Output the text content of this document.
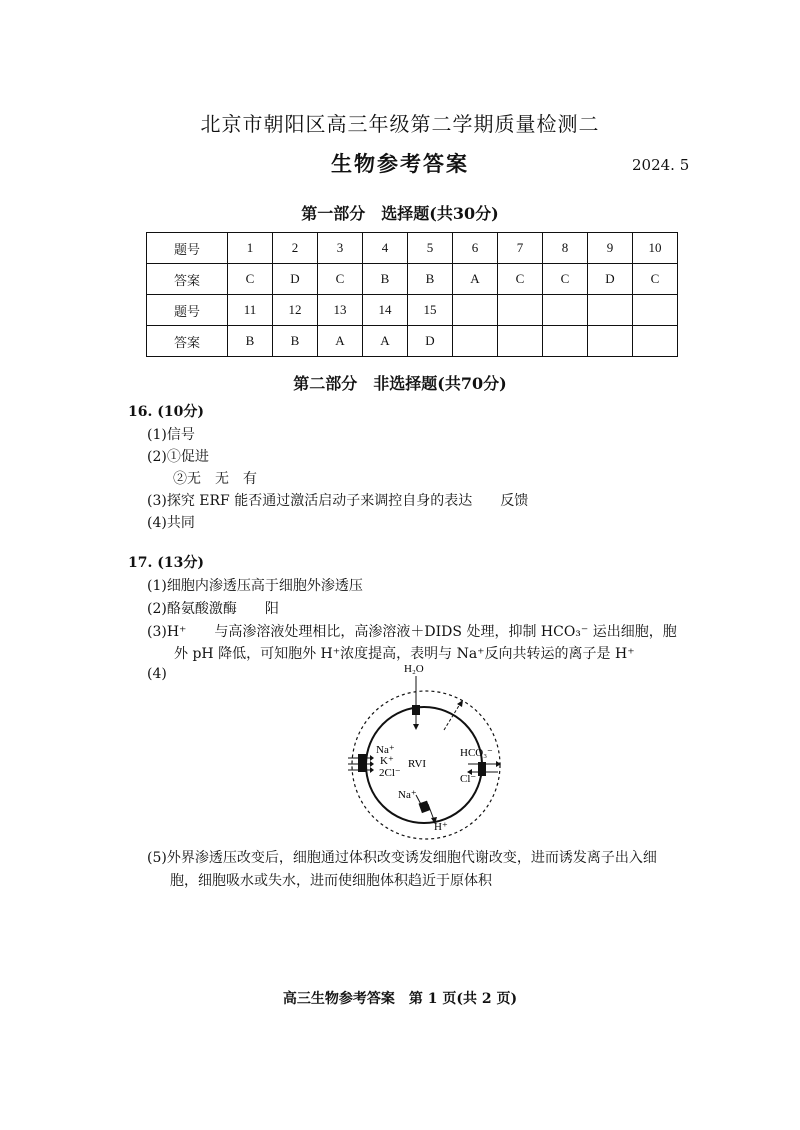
北京市朝阳区高三年级第二学期质量检测二
生物参考答案	2024. 5
第一部分　选择题(共30分)
题号	1	2	3	4	5	6	7	8	9	10
答案	C	D	C	B	B	A	C	C	D	C
题号	11	12	13	14	15					
答案	B	B	A	A	D					
第二部分　非选择题(共70分)
16. (10分)
(1)信号
(2)①促进
②无　无　有
(3)探究 ERF 能否通过激活启动子来调控自身的表达　　反馈
(4)共同
17. (13分)
(1)细胞内渗透压高于细胞外渗透压
(2)酪氨酸激酶　　阳
(3)H⁺　　与高渗溶液处理相比，高渗溶液＋DIDS 处理，抑制 HCO₃⁻ 运出细胞，胞
外 pH 降低，可知胞外 H⁺浓度提高，表明与 Na⁺反向共转运的离子是 H⁺
(4)	H₂O
Na⁺
K⁺
2Cl⁻
RVI
HCO₃⁻
Cl⁻
Na⁺
H⁺
(5)外界渗透压改变后，细胞通过体积改变诱发细胞代谢改变，进而诱发离子出入细
胞，细胞吸水或失水，进而使细胞体积趋近于原体积
高三生物参考答案　第 1 页(共 2 页)
